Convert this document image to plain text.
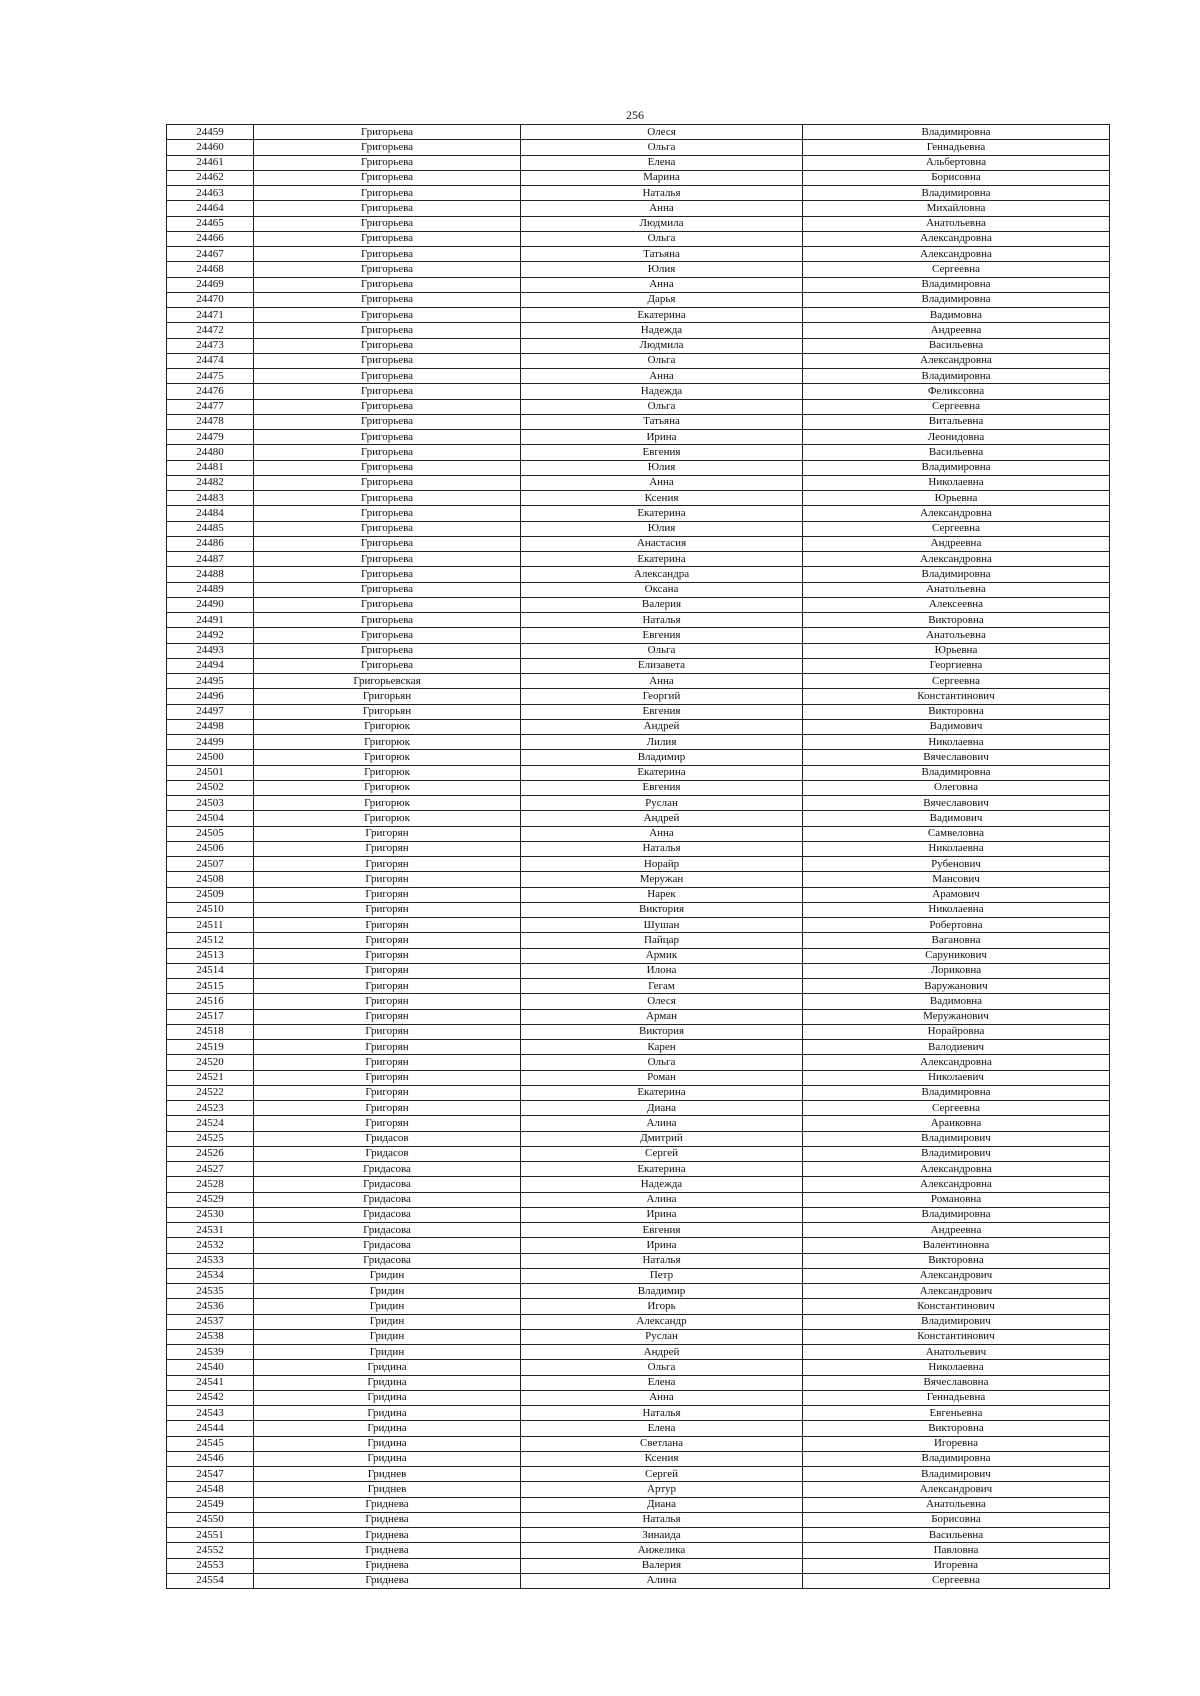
256
24459	Григорьева	Олеся	Владимировна
24460	Григорьева	Ольга	Геннадьевна
24461	Григорьева	Елена	Альбертовна
24462	Григорьева	Марина	Борисовна
24463	Григорьева	Наталья	Владимировна
24464	Григорьева	Анна	Михайловна
24465	Григорьева	Людмила	Анатольевна
24466	Григорьева	Ольга	Александровна
24467	Григорьева	Татьяна	Александровна
24468	Григорьева	Юлия	Сергеевна
24469	Григорьева	Анна	Владимировна
24470	Григорьева	Дарья	Владимировна
24471	Григорьева	Екатерина	Вадимовна
24472	Григорьева	Надежда	Андреевна
24473	Григорьева	Людмила	Васильевна
24474	Григорьева	Ольга	Александровна
24475	Григорьева	Анна	Владимировна
24476	Григорьева	Надежда	Феликсовна
24477	Григорьева	Ольга	Сергеевна
24478	Григорьева	Татьяна	Витальевна
24479	Григорьева	Ирина	Леонидовна
24480	Григорьева	Евгения	Васильевна
24481	Григорьева	Юлия	Владимировна
24482	Григорьева	Анна	Николаевна
24483	Григорьева	Ксения	Юрьевна
24484	Григорьева	Екатерина	Александровна
24485	Григорьева	Юлия	Сергеевна
24486	Григорьева	Анастасия	Андреевна
24487	Григорьева	Екатерина	Александровна
24488	Григорьева	Александра	Владимировна
24489	Григорьева	Оксана	Анатольевна
24490	Григорьева	Валерия	Алексеевна
24491	Григорьева	Наталья	Викторовна
24492	Григорьева	Евгения	Анатольевна
24493	Григорьева	Ольга	Юрьевна
24494	Григорьева	Елизавета	Георгиевна
24495	Григорьевская	Анна	Сергеевна
24496	Григорьян	Георгий	Константинович
24497	Григорьян	Евгения	Викторовна
24498	Григорюк	Андрей	Вадимович
24499	Григорюк	Лилия	Николаевна
24500	Григорюк	Владимир	Вячеславович
24501	Григорюк	Екатерина	Владимировна
24502	Григорюк	Евгения	Олеговна
24503	Григорюк	Руслан	Вячеславович
24504	Григорюк	Андрей	Вадимович
24505	Григорян	Анна	Самвеловна
24506	Григорян	Наталья	Николаевна
24507	Григорян	Норайр	Рубенович
24508	Григорян	Меружан	Мансович
24509	Григорян	Нарек	Арамович
24510	Григорян	Виктория	Николаевна
24511	Григорян	Шушан	Робертовна
24512	Григорян	Пайцар	Вагановна
24513	Григорян	Армик	Саруникович
24514	Григорян	Илона	Лориковна
24515	Григорян	Гегам	Варужанович
24516	Григорян	Олеся	Вадимовна
24517	Григорян	Арман	Меружанович
24518	Григорян	Виктория	Норайровна
24519	Григорян	Карен	Валодиевич
24520	Григорян	Ольга	Александровна
24521	Григорян	Роман	Николаевич
24522	Григорян	Екатерина	Владимировна
24523	Григорян	Диана	Сергеевна
24524	Григорян	Алина	Араиковна
24525	Гридасов	Дмитрий	Владимирович
24526	Гридасов	Сергей	Владимирович
24527	Гридасова	Екатерина	Александровна
24528	Гридасова	Надежда	Александровна
24529	Гридасова	Алина	Романовна
24530	Гридасова	Ирина	Владимировна
24531	Гридасова	Евгения	Андреевна
24532	Гридасова	Ирина	Валентиновна
24533	Гридасова	Наталья	Викторовна
24534	Гридин	Петр	Александрович
24535	Гридин	Владимир	Александрович
24536	Гридин	Игорь	Константинович
24537	Гридин	Александр	Владимирович
24538	Гридин	Руслан	Константинович
24539	Гридин	Андрей	Анатольевич
24540	Гридина	Ольга	Николаевна
24541	Гридина	Елена	Вячеславовна
24542	Гридина	Анна	Геннадьевна
24543	Гридина	Наталья	Евгеньевна
24544	Гридина	Елена	Викторовна
24545	Гридина	Светлана	Игоревна
24546	Гридина	Ксения	Владимировна
24547	Гриднев	Сергей	Владимирович
24548	Гриднев	Артур	Александрович
24549	Гриднева	Диана	Анатольевна
24550	Гриднева	Наталья	Борисовна
24551	Гриднева	Зинаида	Васильевна
24552	Гриднева	Анжелика	Павловна
24553	Гриднева	Валерия	Игоревна
24554	Гриднева	Алина	Сергеевна
